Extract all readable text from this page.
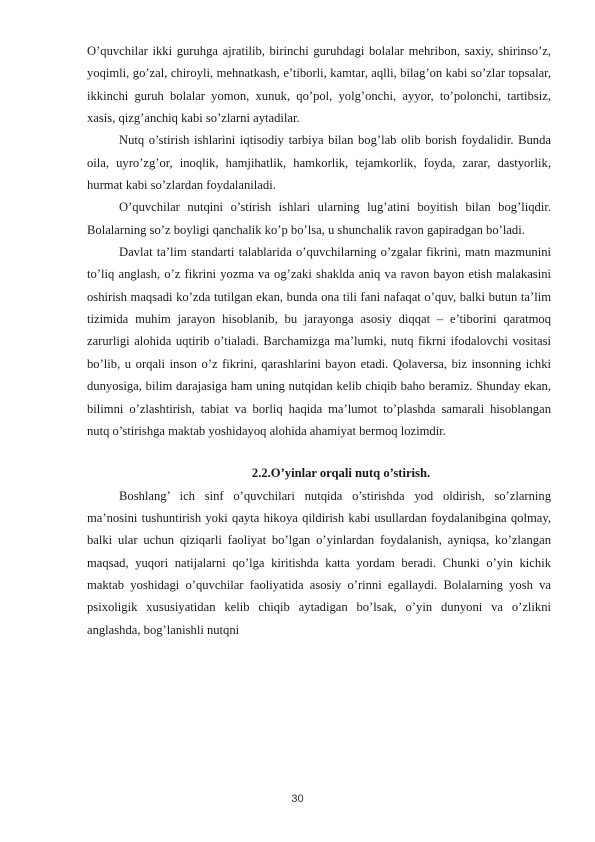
O’quvchilar ikki guruhga ajratilib, birinchi guruhdagi bolalar mehribon, saxiy, shirinso’z, yoqimli, go’zal, chiroyli, mehnatkash, e’tiborli, kamtar, aqlli, bilag’on kabi so’zlar topsalar, ikkinchi guruh bolalar yomon, xunuk, qo’pol, yolg’onchi, ayyor, to’polonchi, tartibsiz, xasis, qizg’anchiq kabi so’zlarni aytadilar.

Nutq o’stirish ishlarini iqtisodiy tarbiya bilan bog’lab olib borish foydalidir. Bunda oila, uyro’zg’or, inoqlik, hamjihatlik, hamkorlik, tejamkorlik, foyda, zarar, dastyorlik, hurmat kabi so’zlardan foydalaniladi.

O’quvchilar nutqini o’stirish ishlari ularning lug’atini boyitish bilan bog’liqdir. Bolalarning so’z boyligi qanchalik ko’p bo’lsa, u shunchalik ravon gapiradgan bo’ladi.

Davlat ta’lim standarti talablarida o’quvchilarning o’zgalar fikrini, matn mazmunini to’liq anglash, o’z fikrini yozma va og’zaki shaklda aniq va ravon bayon etish malakasini oshirish maqsadi ko’zda tutilgan ekan, bunda ona tili fani nafaqat o’quv, balki butun ta’lim tizimida muhim jarayon hisoblanib, bu jarayonga asosiy diqqat – e’tiborini qaratmoq zarurligi alohida uqtirib o’tialadi. Barchamizga ma’lumki, nutq fikrni ifodalovchi vositasi bo’lib, u orqali inson o’z fikrini, qarashlarini bayon etadi. Qolaversa, biz insonning ichki dunyosiga, bilim darajasiga ham uning nutqidan kelib chiqib baho beramiz. Shunday ekan, bilimni o’zlashtirish, tabiat va borliq haqida ma’lumot to’plashda samarali hisoblangan nutq o’stirishga maktab yoshidayoq alohida ahamiyat bermoq lozimdir.

2.2.O’yinlar orqali nutq o’stirish.

Boshlang’ ich sinf o’quvchilari nutqida o’stirishda yod oldirish, so’zlarning ma’nosini tushuntirish yoki qayta hikoya qildirish kabi usullardan foydalanibgina qolmay, balki ular uchun qiziqarli faoliyat bo’lgan o’yinlardan foydalanish, ayniqsa, ko’zlangan maqsad, yuqori natijalarni qo’lga kiritishda katta yordam beradi. Chunki o’yin kichik maktab yoshidagi o’quvchilar faoliyatida asosiy o’rinni egallaydi. Bolalarning yosh va psixoligik xususiyatidan kelib chiqib aytadigan bo’lsak, o’yin dunyoni va o’zlikni anglashda, bog’lanishli nutqni

30
